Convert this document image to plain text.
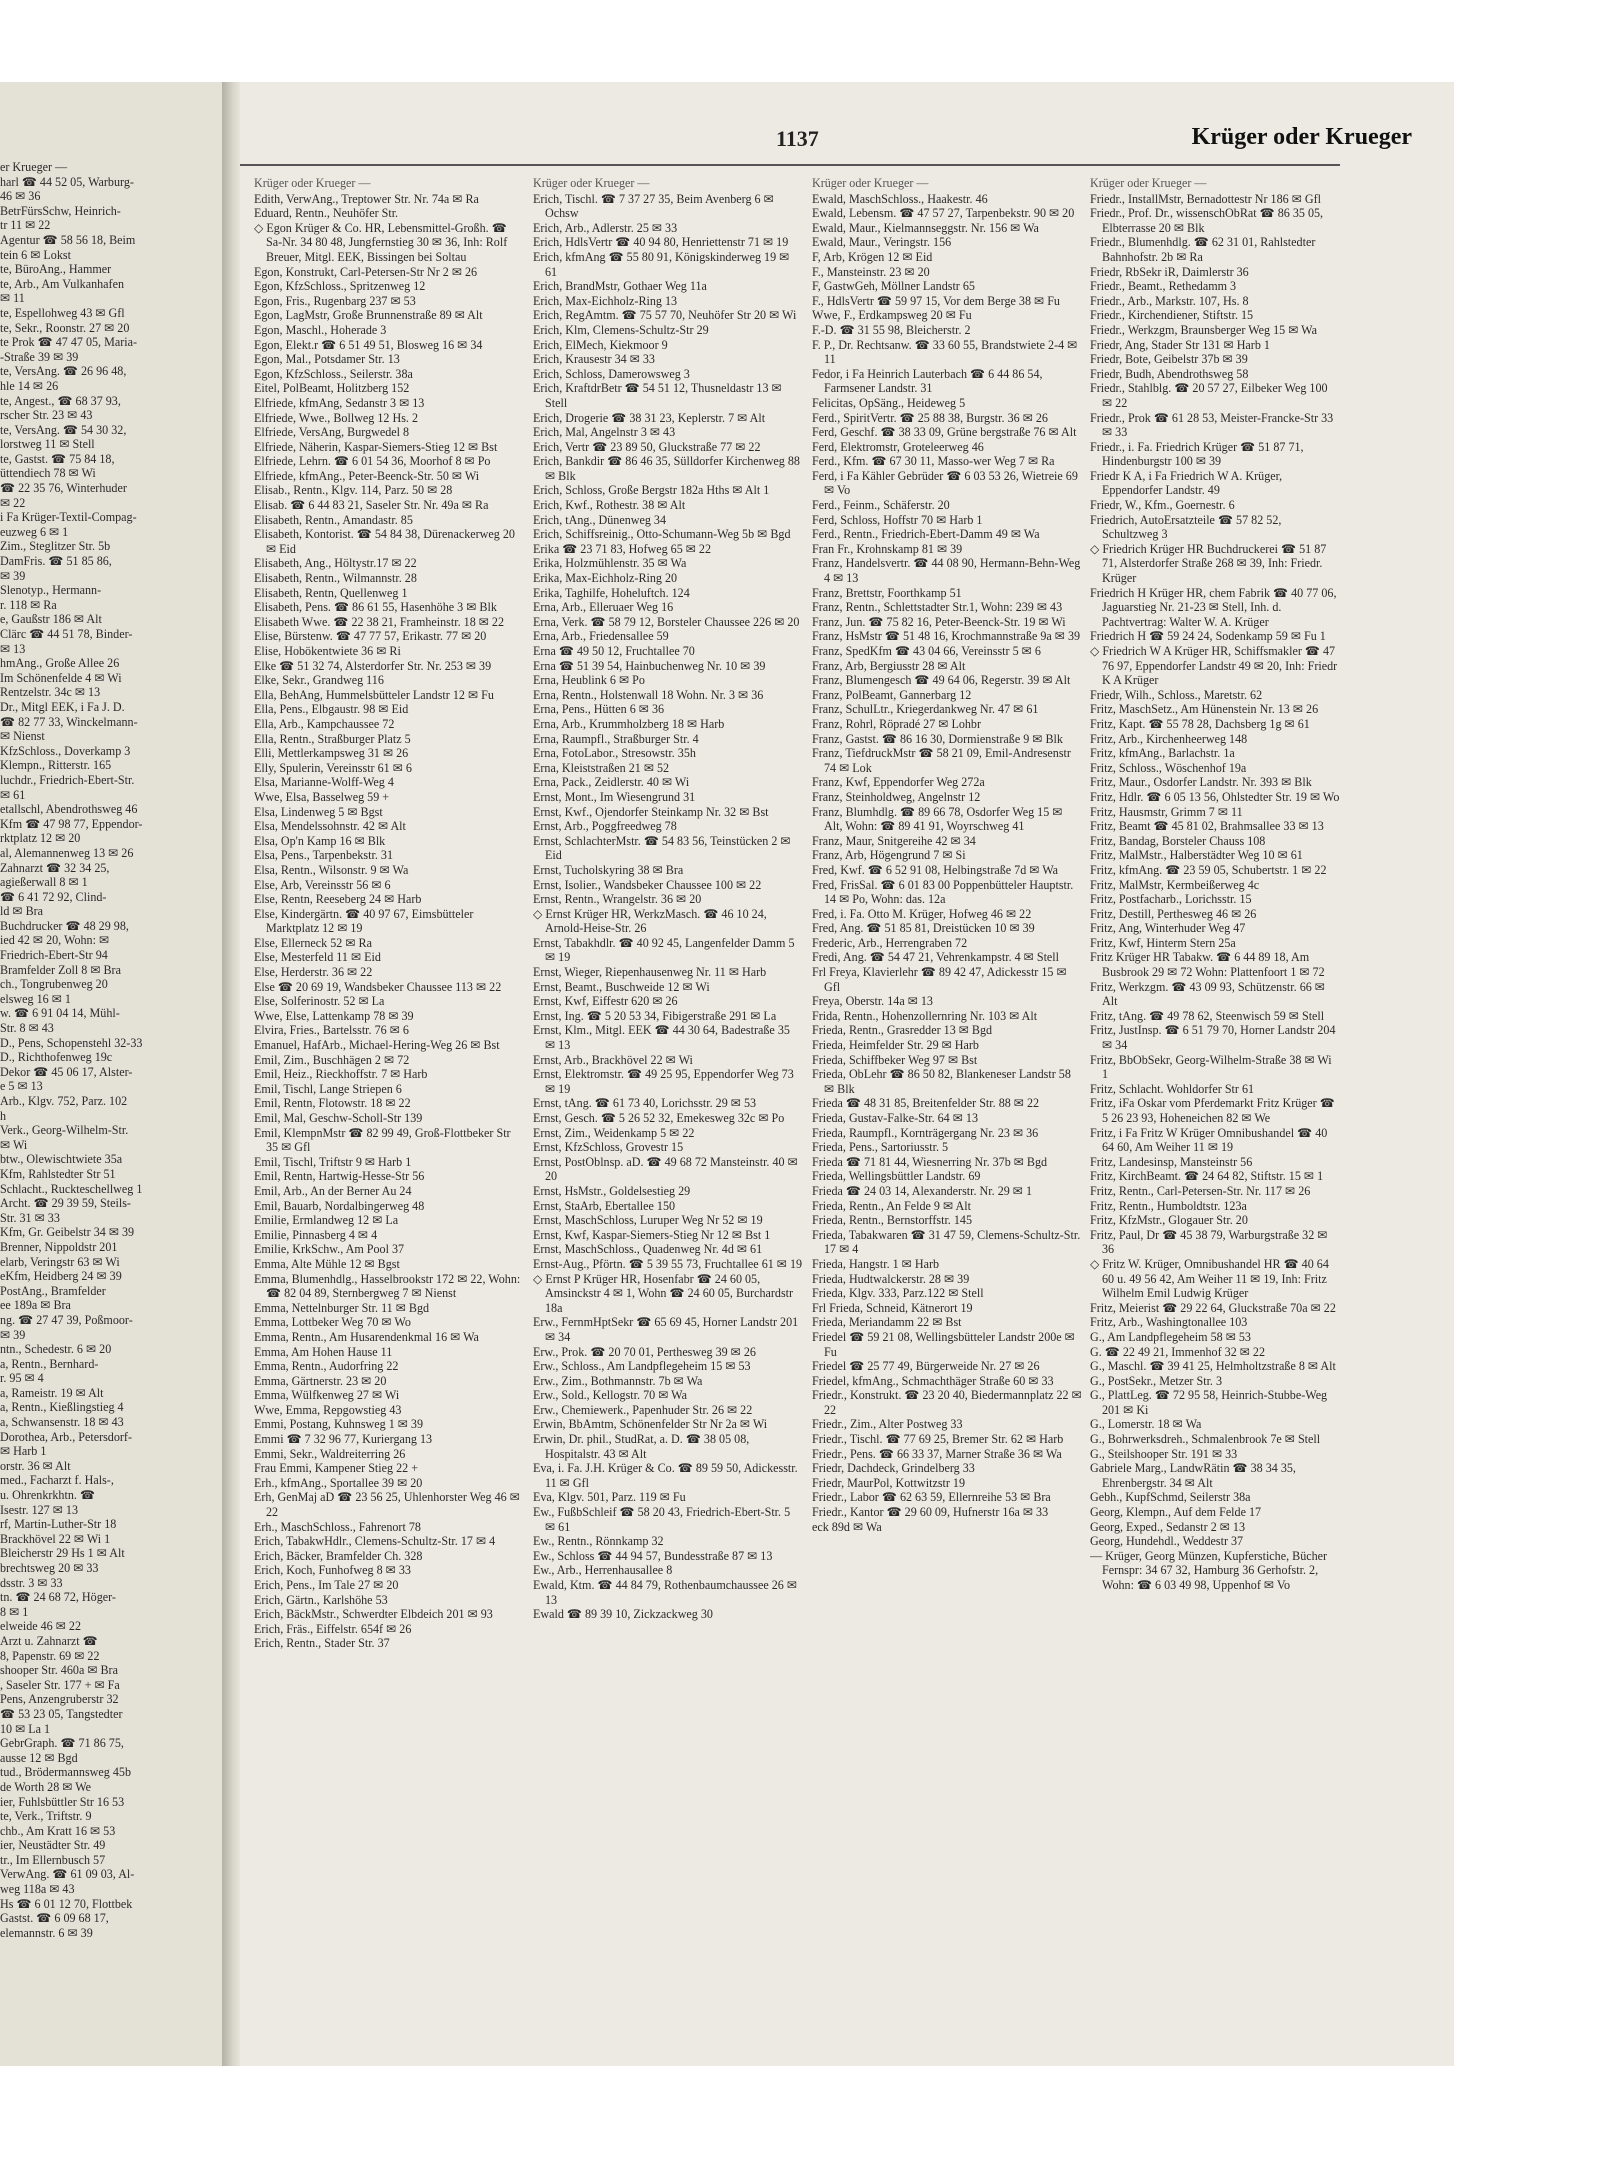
er Krueger —
harl ☎ 44 52 05, Warburg-
46 ✉ 36
BetrFürsSchw, Heinrich-
tr 11 ✉ 22
Agentur ☎ 58 56 18, Beim
tein 6 ✉ Lokst
te, BüroAng., Hammer
te, Arb., Am Vulkanhafen
✉ 11
te, Espellohweg 43 ✉ Gfl
te, Sekr., Roonstr. 27 ✉ 20
te Prok ☎ 47 47 05, Maria-
-Straße 39 ✉ 39
te, VersAng. ☎ 26 96 48,
hle 14 ✉ 26
te, Angest., ☎ 68 37 93,
rscher Str. 23 ✉ 43
te, VersAng. ☎ 54 30 32,
lorstweg 11 ✉ Stell
te, Gastst. ☎ 75 84 18,
üttendiech 78 ✉ Wi
☎ 22 35 76, Winterhuder
✉ 22
i Fa Krüger-Textil-Compag-
euzweg 6 ✉ 1
Zim., Steglitzer Str. 5b
DamFris. ☎ 51 85 86,
✉ 39
Slenotyp., Hermann-
r. 118 ✉ Ra
e, Gaußstr 186 ✉ Alt
Clärc ☎ 44 51 78, Binder-
✉ 13
hmAng., Große Allee 26
Im Schönenfelde 4 ✉ Wi
Rentzelstr. 34c ✉ 13
Dr., Mitgl EEK, i Fa J. D.
☎ 82 77 33, Winckelmann-
✉ Nienst
KfzSchloss., Doverkamp 3
Klempn., Ritterstr. 165
luchdr., Friedrich-Ebert-Str.
✉ 61
etallschl, Abendrothsweg 46
Kfm ☎ 47 98 77, Eppendor-
rktplatz 12 ✉ 20
al, Alemannenweg 13 ✉ 26
Zahnarzt ☎ 32 34 25,
agießerwall 8 ✉ 1
☎ 6 41 72 92, Clind-
ld ✉ Bra
Buchdrucker ☎ 48 29 98,
ied 42 ✉ 20, Wohn: ✉
Friedrich-Ebert-Str 94
Bramfelder Zoll 8 ✉ Bra
ch., Tongrubenweg 20
elsweg 16 ✉ 1
w. ☎ 6 91 04 14, Mühl-
Str. 8 ✉ 43
D., Pens, Schopenstehl 32-33
D., Richthofenweg 19c
Dekor ☎ 45 06 17, Alster-
e 5 ✉ 13
Arb., Klgv. 752, Parz. 102
h
Verk., Georg-Wilhelm-Str.
✉ Wi
btw., Olewischtwiete 35a
Kfm, Rahlstedter Str 51
Schlacht., Ruckteschellweg 1
Archt. ☎ 29 39 59, Steils-
Str. 31 ✉ 33
Kfm, Gr. Geibelstr 34 ✉ 39
Brenner, Nippoldstr 201
elarb, Veringstr 63 ✉ Wi
eKfm, Heidberg 24 ✉ 39
PostAng., Bramfelder
ee 189a ✉ Bra
ng. ☎ 27 47 39, Poßmoor-
✉ 39
ntn., Schedestr. 6 ✉ 20
a, Rentn., Bernhard-
r. 95 ✉ 4
a, Rameistr. 19 ✉ Alt
a, Rentn., Kießlingstieg 4
a, Schwansenstr. 18 ✉ 43
Dorothea, Arb., Petersdorf-
✉ Harb 1
orstr. 36 ✉ Alt
med., Facharzt f. Hals-,
u. Ohrenkrkhtn. ☎
Isestr. 127 ✉ 13
rf, Martin-Luther-Str 18
Brackhövel 22 ✉ Wi 1
Bleicherstr 29 Hs 1 ✉ Alt
brechtsweg 20 ✉ 33
dsstr. 3 ✉ 33
tn. ☎ 24 68 72, Höger-
8 ✉ 1
elweide 46 ✉ 22
Arzt u. Zahnarzt ☎
8, Papenstr. 69 ✉ 22
shooper Str. 460a ✉ Bra
, Saseler Str. 177 + ✉ Fa
Pens, Anzengruberstr 32
☎ 53 23 05, Tangstedter
10 ✉ La 1
GebrGraph. ☎ 71 86 75,
ausse 12 ✉ Bgd
tud., Brödermannsweg 45b
de Worth 28 ✉ We
ier, Fuhlsbüttler Str 16 53
te, Verk., Triftstr. 9
chb., Am Kratt 16 ✉ 53
ier, Neustädter Str. 49
tr., Im Ellernbusch 57
VerwAng. ☎ 61 09 03, Al-
weg 118a ✉ 43
Hs ☎ 6 01 12 70, Flottbek
Gastst. ☎ 6 09 68 17,
elemannstr. 6 ✉ 39
1137	Krüger oder Krueger
Krüger oder Krueger —

Edith, VerwAng., Treptower Str. Nr. 74a ✉ Ra

Eduard, Rentn., Neuhöfer Str.

◇ Egon Krüger & Co. HR, Lebensmittel-Großh. ☎ Sa-Nr. 34 80 48, Jungfernstieg 30 ✉ 36, Inh: Rolf Breuer, Mitgl. EEK, Bissingen bei Soltau

Egon, Konstrukt, Carl-Petersen-Str Nr 2 ✉ 26

Egon, KfzSchloss., Spritzenweg 12

Egon, Fris., Rugenbarg 237 ✉ 53

Egon, LagMstr, Große Brunnenstraße 89 ✉ Alt

Egon, Maschl., Hoherade 3

Egon, Elekt.r ☎ 6 51 49 51, Blosweg 16 ✉ 34

Egon, Mal., Potsdamer Str. 13

Egon, KfzSchloss., Seilerstr. 38a

Eitel, PolBeamt, Holitzberg 152

Elfriede, kfmAng, Sedanstr 3 ✉ 13

Elfriede, Wwe., Bollweg 12 Hs. 2

Elfriede, VersAng, Burgwedel 8

Elfriede, Näherin, Kaspar-Siemers-Stieg 12 ✉ Bst

Elfriede, Lehrn. ☎ 6 01 54 36, Moorhof 8 ✉ Po

Elfriede, kfmAng., Peter-Beenck-Str. 50 ✉ Wi

Elisab., Rentn., Klgv. 114, Parz. 50 ✉ 28

Elisab. ☎ 6 44 83 21, Saseler Str. Nr. 49a ✉ Ra

Elisabeth, Rentn., Amandastr. 85

Elisabeth, Kontorist. ☎ 54 84 38, Dürenackerweg 20 ✉ Eid

Elisabeth, Ang., Höltystr.17 ✉ 22

Elisabeth, Rentn., Wilmannstr. 28

Elisabeth, Rentn, Quellenweg 1

Elisabeth, Pens. ☎ 86 61 55, Hasenhöhe 3 ✉ Blk

Elisabeth Wwe. ☎ 22 38 21, Framheinstr. 18 ✉ 22

Elise, Bürstenw. ☎ 47 77 57, Erikastr. 77 ✉ 20

Elise, Hobökentwiete 36 ✉ Ri

Elke ☎ 51 32 74, Alsterdorfer Str. Nr. 253 ✉ 39

Elke, Sekr., Grandweg 116

Ella, BehAng, Hummelsbütteler Landstr 12 ✉ Fu

Ella, Pens., Elbgaustr. 98 ✉ Eid

Ella, Arb., Kampchaussee 72

Ella, Rentn., Straßburger Platz 5

Elli, Mettlerkampsweg 31 ✉ 26

Elly, Spulerin, Vereinsstr 61 ✉ 6

Elsa, Marianne-Wolff-Weg 4

Wwe, Elsa, Basselweg 59 +

Elsa, Lindenweg 5 ✉ Bgst

Elsa, Mendelssohnstr. 42 ✉ Alt

Elsa, Op'n Kamp 16 ✉ Blk

Elsa, Pens., Tarpenbekstr. 31

Elsa, Rentn., Wilsonstr. 9 ✉ Wa

Else, Arb, Vereinsstr 56 ✉ 6

Else, Rentn, Reeseberg 24 ✉ Harb

Else, Kindergärtn. ☎ 40 97 67, Eimsbütteler Marktplatz 12 ✉ 19

Else, Ellerneck 52 ✉ Ra

Else, Mesterfeld 11 ✉ Eid

Else, Herderstr. 36 ✉ 22

Else ☎ 20 69 19, Wandsbeker Chaussee 113 ✉ 22

Else, Solferinostr. 52 ✉ La

Wwe, Else, Lattenkamp 78 ✉ 39

Elvira, Fries., Bartelsstr. 76 ✉ 6

Emanuel, HafArb., Michael-Hering-Weg 26 ✉ Bst

Emil, Zim., Buschhägen 2 ✉ 72

Emil, Heiz., Rieckhoffstr. 7 ✉ Harb

Emil, Tischl, Lange Striepen 6

Emil, Rentn, Flotowstr. 18 ✉ 22

Emil, Mal, Geschw-Scholl-Str 139

Emil, KlempnMstr ☎ 82 99 49, Groß-Flottbeker Str 35 ✉ Gfl

Emil, Tischl, Triftstr 9 ✉ Harb 1

Emil, Rentn, Hartwig-Hesse-Str 56

Emil, Arb., An der Berner Au 24

Emil, Bauarb, Nordalbingerweg 48

Emilie, Ermlandweg 12 ✉ La

Emilie, Pinnasberg 4 ✉ 4

Emilie, KrkSchw., Am Pool 37

Emma, Alte Mühle 12 ✉ Bgst

Emma, Blumenhdlg., Hasselbrookstr 172 ✉ 22, Wohn: ☎ 82 04 89, Sternbergweg 7 ✉ Nienst

Emma, Nettelnburger Str. 11 ✉ Bgd

Emma, Lottbeker Weg 70 ✉ Wo

Emma, Rentn., Am Husarendenkmal 16 ✉ Wa

Emma, Am Hohen Hause 11

Emma, Rentn., Audorfring 22

Emma, Gärtnerstr. 23 ✉ 20

Emma, Wülfkenweg 27 ✉ Wi

Wwe, Emma, Repgowstieg 43

Emmi, Postang, Kuhnsweg 1 ✉ 39

Emmi ☎ 7 32 96 77, Kuriergang 13

Emmi, Sekr., Waldreiterring 26

Frau Emmi, Kampener Stieg 22 +

Erh., kfmAng., Sportallee 39 ✉ 20

Erh, GenMaj aD ☎ 23 56 25, Uhlenhorster Weg 46 ✉ 22

Erh., MaschSchloss., Fahrenort 78

Erich, TabakwHdlr., Clemens-Schultz-Str. 17 ✉ 4

Erich, Bäcker, Bramfelder Ch. 328

Erich, Koch, Funhofweg 8 ✉ 33

Erich, Pens., Im Tale 27 ✉ 20

Erich, Gärtn., Karlshöhe 53

Erich, BäckMstr., Schwerdter Elbdeich 201 ✉ 93

Erich, Fräs., Eiffelstr. 654f ✉ 26

Erich, Rentn., Stader Str. 37

Krüger oder Krueger —

Erich, Tischl. ☎ 7 37 27 35, Beim Avenberg 6 ✉ Ochsw

Erich, Arb., Adlerstr. 25 ✉ 33

Erich, HdlsVertr ☎ 40 94 80, Henriettenstr 71 ✉ 19

Erich, kfmAng ☎ 55 80 91, Königskinderweg 19 ✉ 61

Erich, BrandMstr, Gothaer Weg 11a

Erich, Max-Eichholz-Ring 13

Erich, RegAmtm. ☎ 75 57 70, Neuhöfer Str 20 ✉ Wi

Erich, Klm, Clemens-Schultz-Str 29

Erich, ElMech, Kiekmoor 9

Erich, Krausestr 34 ✉ 33

Erich, Schloss, Damerowsweg 3

Erich, KraftdrBetr ☎ 54 51 12, Thusneldastr 13 ✉ Stell

Erich, Drogerie ☎ 38 31 23, Keplerstr. 7 ✉ Alt

Erich, Mal, Angelnstr 3 ✉ 43

Erich, Vertr ☎ 23 89 50, Gluckstraße 77 ✉ 22

Erich, Bankdir ☎ 86 46 35, Sülldorfer Kirchenweg 88 ✉ Blk

Erich, Schloss, Große Bergstr 182a Hths ✉ Alt 1

Erich, Kwf., Rothestr. 38 ✉ Alt

Erich, tAng., Dünenweg 34

Erich, Schiffsreinig., Otto-Schumann-Weg 5b ✉ Bgd

Erika ☎ 23 71 83, Hofweg 65 ✉ 22

Erika, Holzmühlenstr. 35 ✉ Wa

Erika, Max-Eichholz-Ring 20

Erika, Taghilfe, Hoheluftch. 124

Erna, Arb., Elleruaer Weg 16

Erna, Verk. ☎ 58 79 12, Borsteler Chaussee 226 ✉ 20

Erna, Arb., Friedensallee 59

Erna ☎ 49 50 12, Fruchtallee 70

Erna ☎ 51 39 54, Hainbuchenweg Nr. 10 ✉ 39

Erna, Heublink 6 ✉ Po

Erna, Rentn., Holstenwall 18 Wohn. Nr. 3 ✉ 36

Erna, Pens., Hütten 6 ✉ 36

Erna, Arb., Krummholzberg 18 ✉ Harb

Erna, Raumpfl., Straßburger Str. 4

Erna, FotoLabor., Stresowstr. 35h

Erna, Kleiststraßen 21 ✉ 52

Erna, Pack., Zeidlerstr. 40 ✉ Wi

Ernst, Mont., Im Wiesengrund 31

Ernst, Kwf., Ojendorfer Steinkamp Nr. 32 ✉ Bst

Ernst, Arb., Poggfreedweg 78

Ernst, SchlachterMstr. ☎ 54 83 56, Teinstücken 2 ✉ Eid

Ernst, Tucholskyring 38 ✉ Bra

Ernst, Isolier., Wandsbeker Chaussee 100 ✉ 22

Ernst, Rentn., Wrangelstr. 36 ✉ 20

◇ Ernst Krüger HR, WerkzMasch. ☎ 46 10 24, Arnold-Heise-Str. 26

Ernst, Tabakhdlr. ☎ 40 92 45, Langenfelder Damm 5 ✉ 19

Ernst, Wieger, Riepenhausenweg Nr. 11 ✉ Harb

Ernst, Beamt., Buschweide 12 ✉ Wi

Ernst, Kwf, Eiffestr 620 ✉ 26

Ernst, Ing. ☎ 5 20 53 34, Fibigerstraße 291 ✉ La

Ernst, Klm., Mitgl. EEK ☎ 44 30 64, Badestraße 35 ✉ 13

Ernst, Arb., Brackhövel 22 ✉ Wi

Ernst, Elektromstr. ☎ 49 25 95, Eppendorfer Weg 73 ✉ 19

Ernst, tAng. ☎ 61 73 40, Lorichsstr. 29 ✉ 53

Ernst, Gesch. ☎ 5 26 52 32, Emekesweg 32c ✉ Po

Ernst, Zim., Weidenkamp 5 ✉ 22

Ernst, KfzSchloss, Grovestr 15

Ernst, PostOblnsp. aD. ☎ 49 68 72 Mansteinstr. 40 ✉ 20

Ernst, HsMstr., Goldelsestieg 29

Ernst, StaArb, Ebertallee 150

Ernst, MaschSchloss, Luruper Weg Nr 52 ✉ 19

Ernst, Kwf, Kaspar-Siemers-Stieg Nr 12 ✉ Bst 1

Ernst, MaschSchloss., Quadenweg Nr. 4d ✉ 61

Ernst-Aug., Pförtn. ☎ 5 39 55 73, Fruchtallee 61 ✉ 19

◇ Ernst P Krüger HR, Hosenfabr ☎ 24 60 05, Amsinckstr 4 ✉ 1, Wohn ☎ 24 60 05, Burchardstr 18a

Erw., FernmHptSekr ☎ 65 69 45, Horner Landstr 201 ✉ 34

Erw., Prok. ☎ 20 70 01, Perthesweg 39 ✉ 26

Erw., Schloss., Am Landpflegeheim 15 ✉ 53

Erw., Zim., Bothmannstr. 7b ✉ Wa

Erw., Sold., Kellogstr. 70 ✉ Wa

Erw., Chemiewerk., Papenhuder Str. 26 ✉ 22

Erwin, BbAmtm, Schönenfelder Str Nr 2a ✉ Wi

Erwin, Dr. phil., StudRat, a. D. ☎ 38 05 08, Hospitalstr. 43 ✉ Alt

Eva, i. Fa. J.H. Krüger & Co. ☎ 89 59 50, Adickesstr. 11 ✉ Gfl

Eva, Klgv. 501, Parz. 119 ✉ Fu

Ew., FußbSchleif ☎ 58 20 43, Friedrich-Ebert-Str. 5 ✉ 61

Ew., Rentn., Rönnkamp 32

Ew., Schloss ☎ 44 94 57, Bundesstraße 87 ✉ 13

Ew., Arb., Herrenhausallee 8

Ewald, Ktm. ☎ 44 84 79, Rothenbaumchaussee 26 ✉ 13

Ewald ☎ 89 39 10, Zickzackweg 30

Krüger oder Krueger —

Ewald, MaschSchloss., Haakestr. 46

Ewald, Lebensm. ☎ 47 57 27, Tarpenbekstr. 90 ✉ 20

Ewald, Maur., Kielmannseggstr. Nr. 156 ✉ Wa

Ewald, Maur., Veringstr. 156

F, Arb, Krögen 12 ✉ Eid

F., Mansteinstr. 23 ✉ 20

F, GastwGeh, Möllner Landstr 65

F., HdlsVertr ☎ 59 97 15, Vor dem Berge 38 ✉ Fu

Wwe, F., Erdkampsweg 20 ✉ Fu

F.-D. ☎ 31 55 98, Bleicherstr. 2

F. P., Dr. Rechtsanw. ☎ 33 60 55, Brandstwiete 2-4 ✉ 11

Fedor, i Fa Heinrich Lauterbach ☎ 6 44 86 54, Farmsener Landstr. 31

Felicitas, OpSäng., Heideweg 5

Ferd., SpiritVertr. ☎ 25 88 38, Burgstr. 36 ✉ 26

Ferd, Geschf. ☎ 38 33 09, Grüne bergstraße 76 ✉ Alt

Ferd, Elektromstr, Groteleerweg 46

Ferd., Kfm. ☎ 67 30 11, Masso-wer Weg 7 ✉ Ra

Ferd, i Fa Kähler Gebrüder ☎ 6 03 53 26, Wietreie 69 ✉ Vo

Ferd., Feinm., Schäferstr. 20

Ferd, Schloss, Hoffstr 70 ✉ Harb 1

Ferd., Rentn., Friedrich-Ebert-Damm 49 ✉ Wa

Fran Fr., Krohnskamp 81 ✉ 39

Franz, Handelsvertr. ☎ 44 08 90, Hermann-Behn-Weg 4 ✉ 13

Franz, Brettstr, Foorthkamp 51

Franz, Rentn., Schlettstadter Str.1, Wohn: 239 ✉ 43

Franz, Jun. ☎ 75 82 16, Peter-Beenck-Str. 19 ✉ Wi

Franz, HsMstr ☎ 51 48 16, Krochmannstraße 9a ✉ 39

Franz, SpedKfm ☎ 43 04 66, Vereinsstr 5 ✉ 6

Franz, Arb, Bergiusstr 28 ✉ Alt

Franz, Blumengesch ☎ 49 64 06, Regerstr. 39 ✉ Alt

Franz, PolBeamt, Gannerbarg 12

Franz, SchulLtr., Kriegerdankweg Nr. 47 ✉ 61

Franz, Rohrl, Röpradé 27 ✉ Lohbr

Franz, Gastst. ☎ 86 16 30, Dormienstraße 9 ✉ Blk

Franz, TiefdruckMstr ☎ 58 21 09, Emil-Andresenstr 74 ✉ Lok

Franz, Kwf, Eppendorfer Weg 272a

Franz, Steinholdweg, Angelnstr 12

Franz, Blumhdlg. ☎ 89 66 78, Osdorfer Weg 15 ✉ Alt, Wohn: ☎ 89 41 91, Woyrschweg 41

Franz, Maur, Snitgereihe 42 ✉ 34

Franz, Arb, Högengrund 7 ✉ Si

Fred, Kwf. ☎ 6 52 91 08, Helbingstraße 7d ✉ Wa

Fred, FrisSal. ☎ 6 01 83 00 Poppenbütteler Hauptstr. 14 ✉ Po, Wohn: das. 12a

Fred, i. Fa. Otto M. Krüger, Hofweg 46 ✉ 22

Fred, Ang. ☎ 51 85 81, Dreistücken 10 ✉ 39

Frederic, Arb., Herrengraben 72

Fredi, Ang. ☎ 54 47 21, Vehrenkampstr. 4 ✉ Stell

Frl Freya, Klavierlehr ☎ 89 42 47, Adickesstr 15 ✉ Gfl

Freya, Oberstr. 14a ✉ 13

Frida, Rentn., Hohenzollernring Nr. 103 ✉ Alt

Frieda, Rentn., Grasredder 13 ✉ Bgd

Frieda, Heimfelder Str. 29 ✉ Harb

Frieda, Schiffbeker Weg 97 ✉ Bst

Frieda, ObLehr ☎ 86 50 82, Blankeneser Landstr 58 ✉ Blk

Frieda ☎ 48 31 85, Breitenfelder Str. 88 ✉ 22

Frieda, Gustav-Falke-Str. 64 ✉ 13

Frieda, Raumpfl., Kornträgergang Nr. 23 ✉ 36

Frieda, Pens., Sartoriusstr. 5

Frieda ☎ 71 81 44, Wiesnerring Nr. 37b ✉ Bgd

Frieda, Wellingsbüttler Landstr. 69

Frieda ☎ 24 03 14, Alexanderstr. Nr. 29 ✉ 1

Frieda, Rentn., An Felde 9 ✉ Alt

Frieda, Rentn., Bernstorffstr. 145

Frieda, Tabakwaren ☎ 31 47 59, Clemens-Schultz-Str. 17 ✉ 4

Frieda, Hangstr. 1 ✉ Harb

Frieda, Hudtwalckerstr. 28 ✉ 39

Frieda, Klgv. 333, Parz.122 ✉ Stell

Frl Frieda, Schneid, Kätnerort 19

Frieda, Meriandamm 22 ✉ Bst

Friedel ☎ 59 21 08, Wellingsbütteler Landstr 200e ✉ Fu

Friedel ☎ 25 77 49, Bürgerweide Nr. 27 ✉ 26

Friedel, kfmAng., Schmachthäger Straße 60 ✉ 33

Friedr., Konstrukt. ☎ 23 20 40, Biedermannplatz 22 ✉ 22

Friedr., Zim., Alter Postweg 33

Friedr., Tischl. ☎ 77 69 25, Bremer Str. 62 ✉ Harb

Friedr., Pens. ☎ 66 33 37, Marner Straße 36 ✉ Wa

Friedr, Dachdeck, Grindelberg 33

Friedr, MaurPol, Kottwitzstr 19

Friedr., Labor ☎ 62 63 59, Ellernreihe 53 ✉ Bra

Friedr., Kantor ☎ 29 60 09, Hufnerstr 16a ✉ 33

eck 89d ✉ Wa

Krüger oder Krueger —

Friedr., InstallMstr, Bernadottestr Nr 186 ✉ Gfl

Friedr., Prof. Dr., wissenschObRat ☎ 86 35 05, Elbterrasse 20 ✉ Blk

Friedr., Blumenhdlg. ☎ 62 31 01, Rahlstedter Bahnhofstr. 2b ✉ Ra

Friedr, RbSekr iR, Daimlerstr 36

Friedr., Beamt., Rethedamm 3

Friedr., Arb., Markstr. 107, Hs. 8

Friedr., Kirchendiener, Stiftstr. 15

Friedr., Werkzgm, Braunsberger Weg 15 ✉ Wa

Friedr, Ang, Stader Str 131 ✉ Harb 1

Friedr, Bote, Geibelstr 37b ✉ 39

Friedr, Budh, Abendrothsweg 58

Friedr., Stahlblg. ☎ 20 57 27, Eilbeker Weg 100 ✉ 22

Friedr., Prok ☎ 61 28 53, Meister-Francke-Str 33 ✉ 33

Friedr., i. Fa. Friedrich Krüger ☎ 51 87 71, Hindenburgstr 100 ✉ 39

Friedr K A, i Fa Friedrich W A. Krüger, Eppendorfer Landstr. 49

Friedr, W., Kfm., Goernestr. 6

Friedrich, AutoErsatzteile ☎ 57 82 52, Schultzweg 3

◇ Friedrich Krüger HR Buchdruckerei ☎ 51 87 71, Alsterdorfer Straße 268 ✉ 39, Inh: Friedr. Krüger

Friedrich H Krüger HR, chem Fabrik ☎ 40 77 06, Jaguarstieg Nr. 21-23 ✉ Stell, Inh. d. Pachtvertrag: Walter W. A. Krüger

Friedrich H ☎ 59 24 24, Sodenkamp 59 ✉ Fu 1

◇ Friedrich W A Krüger HR, Schiffsmakler ☎ 47 76 97, Eppendorfer Landstr 49 ✉ 20, Inh: Friedr K A Krüger

Friedr, Wilh., Schloss., Maretstr. 62

Fritz, MaschSetz., Am Hünenstein Nr. 13 ✉ 26

Fritz, Kapt. ☎ 55 78 28, Dachsberg 1g ✉ 61

Fritz, Arb., Kirchenheerweg 148

Fritz, kfmAng., Barlachstr. 1a

Fritz, Schloss., Wöschenhof 19a

Fritz, Maur., Osdorfer Landstr. Nr. 393 ✉ Blk

Fritz, Hdlr. ☎ 6 05 13 56, Ohlstedter Str. 19 ✉ Wo

Fritz, Hausmstr, Grimm 7 ✉ 11

Fritz, Beamt ☎ 45 81 02, Brahmsallee 33 ✉ 13

Fritz, Bandag, Borsteler Chauss 108

Fritz, MalMstr., Halberstädter Weg 10 ✉ 61

Fritz, kfmAng. ☎ 23 59 05, Schubertstr. 1 ✉ 22

Fritz, MalMstr, Kermbeißerweg 4c

Fritz, Postfacharb., Lorichsstr. 15

Fritz, Destill, Perthesweg 46 ✉ 26

Fritz, Ang, Winterhuder Weg 47

Fritz, Kwf, Hinterm Stern 25a

Fritz Krüger HR Tabakw. ☎ 6 44 89 18, Am Busbrook 29 ✉ 72 Wohn: Plattenfoort 1 ✉ 72

Fritz, Werkzgm. ☎ 43 09 93, Schützenstr. 66 ✉ Alt

Fritz, tAng. ☎ 49 78 62, Steenwisch 59 ✉ Stell

Fritz, JustInsp. ☎ 6 51 79 70, Horner Landstr 204 ✉ 34

Fritz, BbObSekr, Georg-Wilhelm-Straße 38 ✉ Wi 1

Fritz, Schlacht. Wohldorfer Str 61

Fritz, iFa Oskar vom Pferdemarkt Fritz Krüger ☎ 5 26 23 93, Hoheneichen 82 ✉ We

Fritz, i Fa Fritz W Krüger Omnibushandel ☎ 40 64 60, Am Weiher 11 ✉ 19

Fritz, Landesinsp, Mansteinstr 56

Fritz, KirchBeamt. ☎ 24 64 82, Stiftstr. 15 ✉ 1

Fritz, Rentn., Carl-Petersen-Str. Nr. 117 ✉ 26

Fritz, Rentn., Humboldtstr. 123a

Fritz, KfzMstr., Glogauer Str. 20

Fritz, Paul, Dr ☎ 45 38 79, Warburgstraße 32 ✉ 36

◇ Fritz W. Krüger, Omnibushandel HR ☎ 40 64 60 u. 49 56 42, Am Weiher 11 ✉ 19, Inh: Fritz Wilhelm Emil Ludwig Krüger

Fritz, Meierist ☎ 29 22 64, Gluckstraße 70a ✉ 22

Fritz, Arb., Washingtonallee 103

G., Am Landpflegeheim 58 ✉ 53

G. ☎ 22 49 21, Immenhof 32 ✉ 22

G., Maschl. ☎ 39 41 25, Helmholtzstraße 8 ✉ Alt

G., PostSekr., Metzer Str. 3

G., PlattLeg. ☎ 72 95 58, Heinrich-Stubbe-Weg 201 ✉ Ki

G., Lomerstr. 18 ✉ Wa

G., Bohrwerksdreh., Schmalenbrook 7e ✉ Stell

G., Steilshooper Str. 191 ✉ 33

Gabriele Marg., LandwRätin ☎ 38 34 35, Ehrenbergstr. 34 ✉ Alt

Gebh., KupfSchmd, Seilerstr 38a

Georg, Klempn., Auf dem Felde 17

Georg, Exped., Sedanstr 2 ✉ 13

Georg, Hundehdl., Weddestr 37

— Krüger, Georg Münzen, Kupferstiche, Bücher Fernspr: 34 67 32, Hamburg 36 Gerhofstr. 2, Wohn: ☎ 6 03 49 98, Uppenhof ✉ Vo
